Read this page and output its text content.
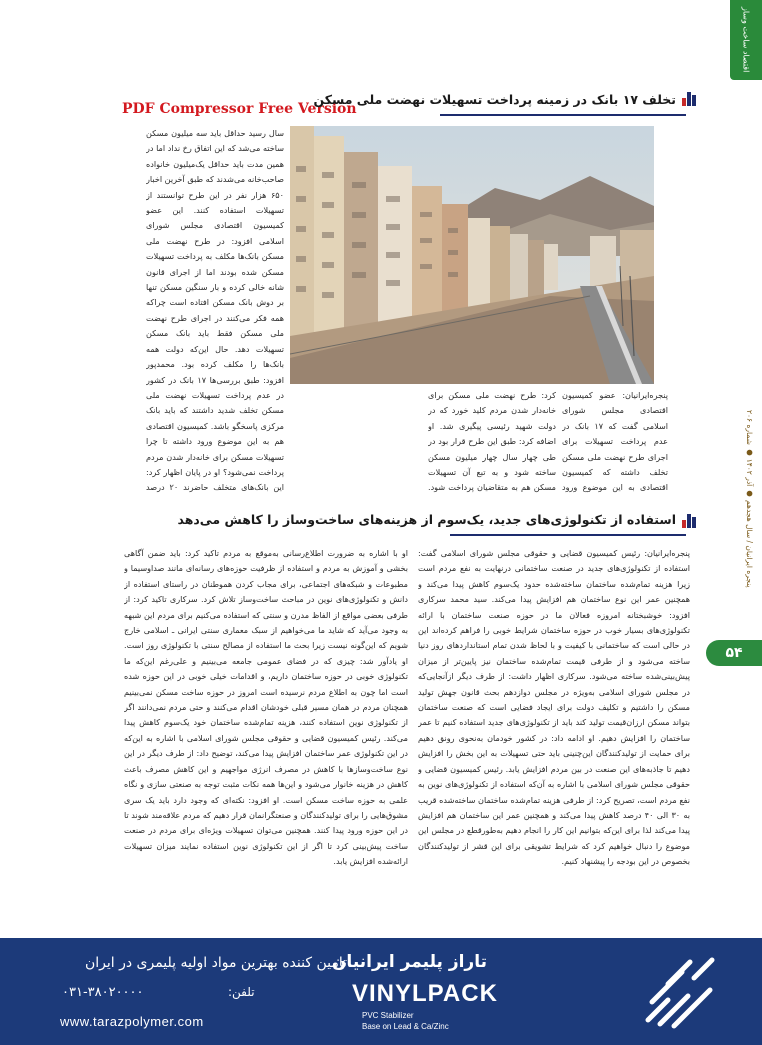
PDF Compressor Free Version
اقتصاد ساخت وساز
پنجره ایرانیان / سال هجدهم ● آذر ۱۴۰۲ ● شماره ۲۰۶
۵۴
تخلف ۱۷ بانک در زمینه پرداخت تسهیلات نهضت ملی مسکن

پنجره‌ایرانیان: عضو کمیسیون اقتصادی مجلس شورای اسلامی گفت که ۱۷ بانک در عدم پرداخت تسهیلات برای اجرای طرح نهضت ملی مسکن تخلف داشته که کمیسیون اقتصادی به این موضوع ورود

کرد: طرح نهضت ملی مسکن برای خانه‌دار شدن مردم کلید خورد که در دولت شهید رئیسی پیگیری شد. او اضافه کرد: طبق این طرح قرار بود در طی چهار سال چهار میلیون مسکن ساخته شود و به تبع آن تسهیلات مسکن هم به متقاضیان پرداخت شود.

سال رسید حداقل باید سه میلیون مسکن ساخته می‌شد که این اتفاق رخ نداد اما در همین مدت باید حداقل یک‌میلیون خانواده صاحب‌خانه می‌شدند که طبق آخرین اخبار ۶۵۰ هزار نفر در این طرح توانستند از تسهیلات استفاده کنند. این عضو کمیسیون اقتصادی مجلس شورای اسلامی افزود: در طرح نهضت ملی مسکن بانک‌ها مکلف به پرداخت تسهیلات مسکن شده بودند اما از اجرای قانون شانه خالی کرده و بار سنگین مسکن تنها بر دوش بانک مسکن افتاده است چراکه همه فکر می‌کنند در اجرای طرح نهضت ملی مسکن فقط باید بانک مسکن تسهیلات دهد. حال این‌که دولت همه بانک‌ها را مکلف کرده بود. محمدپور افزود: طبق بررسی‌ها ۱۷ بانک در کشور در عدم پرداخت تسهیلات نهضت ملی مسکن تخلف شدید داشتند که باید بانک مرکزی پاسخگو باشد. کمیسیون اقتصادی هم به این موضوع ورود داشته تا چرا تسهیلات مسکن برای خانه‌دار شدن مردم پرداخت نمی‌شود؟ او در پایان اظهار کرد: این بانک‌های متخلف حاضرند ۲۰ درصد

استفاده از تکنولوژی‌های جدید، یک‌سوم از هزینه‌های ساخت‌وساز را کاهش می‌دهد

پنجره‌ایرانیان: رئیس کمیسیون قضایی و حقوقی مجلس شورای اسلامی گفت: استفاده از تکنولوژی‌های جدید در صنعت ساختمانی درنهایت به نفع مردم است زیرا هزینه تمام‌شده ساختمان ساخته‌شده حدود یک‌سوم کاهش پیدا می‌کند و همچنین عمر این نوع ساختمان هم افزایش پیدا می‌کند. سید محمد سرکاری افزود: خوشبختانه امروزه فعالان ما در حوزه صنعت ساختمان با ارائه تکنولوژی‌های بسیار خوب در حوزه ساختمان شرایط خوبی را فراهم کرده‌اند این در حالی است که ساختمانی با کیفیت و با لحاظ شدن تمام استانداردهای روز دنیا ساخته می‌شود و از طرفی قیمت تمام‌شده ساختمان نیز پایین‌تر از میزان پیش‌بینی‌شده ساخته می‌شود. سرکاری اظهار داشت: از طرف دیگر ازآنجایی‌که در مجلس شورای اسلامی به‌ویژه در مجلس دوازدهم بحث قانون جهش تولید مسکن را داشتیم و تکلیف دولت برای ایجاد فضایی است که صنعت ساختمان بتواند مسکن ارزان‌قیمت تولید کند باید از تکنولوژی‌های جدید استفاده کنیم تا عمر ساختمان را افزایش دهیم. او ادامه داد: در کشور خودمان به‌نحوی رونق دهیم برای حمایت از تولیدکنندگان این‌چنینی باید حتی تسهیلات به این بخش را افزایش دهیم تا جاذبه‌های این صنعت در بین مردم افزایش یابد. رئیس کمیسیون قضایی و حقوقی مجلس شورای اسلامی با اشاره به آن‌که استفاده از تکنولوژی‌های نوین به نفع مردم است، تصریح کرد: از طرفی هزینه تمام‌شده ساختمان ساخته‌شده قریب به ۳۰ الی ۴۰ درصد کاهش پیدا می‌کند و همچنین عمر این ساختمان هم افزایش پیدا می‌کند لذا برای این‌که بتوانیم این کار را انجام دهیم به‌طورقطع در مجلس این موضوع را دنبال خواهیم کرد که شرایط تشویقی برای این قشر از تولیدکنندگان بخصوص در این بودجه را پیشنهاد کنیم.

او با اشاره به ضرورت اطلاع‌رسانی به‌موقع به مردم تاکید کرد: باید ضمن آگاهی بخشی و آموزش به مردم و استفاده از ظرفیت حوزه‌های رسانه‌ای مانند صداوسیما و مطبوعات و شبکه‌های اجتماعی، برای مجاب کردن هموطنان در راستای استفاده از دانش و تکنولوژی‌های نوین در مباحث ساخت‌وساز تلاش کرد. سرکاری تاکید کرد: از طرفی بعضی مواقع از الفاظ مدرن و سنتی که استفاده می‌کنیم برای مردم این شبهه به وجود می‌آید که شاید ما می‌خواهیم از سبک معماری سنتی ایرانی ـ اسلامی خارج شویم که این‌گونه نیست زیرا بحث ما استفاده از مصالح سنتی با تکنولوژی روز است. او یادآور شد: چیزی که در فضای عمومی جامعه می‌بینیم و علی‌رغم این‌که ما تکنولوژی خوبی در حوزه ساختمان داریم، و اقدامات خیلی خوبی در این حوزه شده است اما چون به اطلاع مردم نرسیده است امروز در حوزه ساخت مسکن نمی‌بینیم همچنان مردم در همان مسیر قبلی خودشان اقدام می‌کنند و حتی مردم نمی‌دانند اگر از تکنولوژی نوین استفاده کنند، هزینه تمام‌شده ساختمان خود یک‌سوم کاهش پیدا می‌کند. رئیس کمیسیون قضایی و حقوقی مجلس شورای اسلامی با اشاره به این‌که در این تکنولوژی عمر ساختمان افزایش پیدا می‌کند، توضیح داد: از طرف دیگر در این نوع ساخت‌وسازها با کاهش در مصرف انرژی مواجهیم و این کاهش مصرف باعث کاهش در هزینه خانوار می‌شود و این‌ها همه نکات مثبت توجه به صنعتی سازی و نگاه علمی به حوزه ساخت مسکن است. او افزود: نکته‌ای که وجود دارد باید یک سری مشوق‌هایی را برای تولیدکنندگان و صنعتگرانمان قرار دهیم که مردم علاقه‌مند شوند تا در این حوزه ورود پیدا کنند. همچنین می‌توان تسهیلات ویژه‌ای برای مردم در صنعت ساخت پیش‌بینی کرد تا اگر از این تکنولوژی نوین استفاده نمایند میزان تسهیلات ارائه‌شده افزایش یابد.

تاراز پلیمر ایرانیان
تامین کننده بهترین مواد اولیه پلیمری در ایران
تلفن:
۰۳۱-۳۸۰۲۰۰۰۰
www.tarazpolymer.com
VINYLPACK
PVC Stabilizer
Base on Lead & Ca/Zinc
